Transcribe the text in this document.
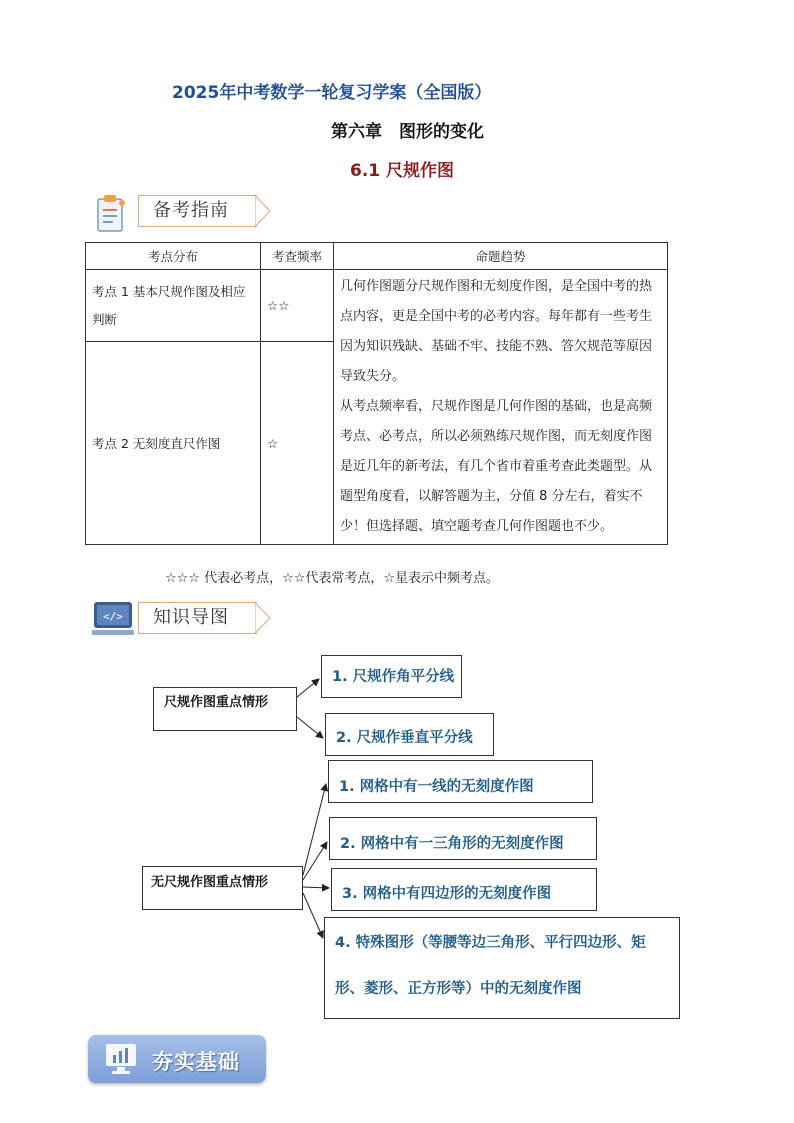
2025年中考数学一轮复习学案（全国版）
第六章　图形的变化
6.1 尺规作图
备考指南
考点分布	考查频率	命题趋势
考点 1 基本尺规作图及相应判断	☆☆	几何作图题分尺规作图和无刻度作图，是全国中考的热点内容，更是全国中考的必考内容。每年都有一些考生因为知识残缺、基础不牢、技能不熟、答欠规范等原因导致失分。
从考点频率看，尺规作图是几何作图的基础，也是高频考点、必考点，所以必须熟练尺规作图，而无刻度作图是近几年的新考法，有几个省市着重考查此类题型。从题型角度看，以解答题为主，分值 8 分左右，着实不少！但选择题、填空题考查几何作图题也不少。

考点 2 无刻度直尺作图	☆	
☆☆☆ 代表必考点，☆☆代表常考点，☆星表示中频考点。
</>	知识导图
尺规作图重点情形
1. 尺规作角平分线
2. 尺规作垂直平分线
无尺规作图重点情形
1. 网格中有一线的无刻度作图
2. 网格中有一三角形的无刻度作图
3. 网格中有四边形的无刻度作图
4. 特殊图形（等腰等边三角形、平行四边形、矩形、菱形、正方形等）中的无刻度作图
夯实基础
